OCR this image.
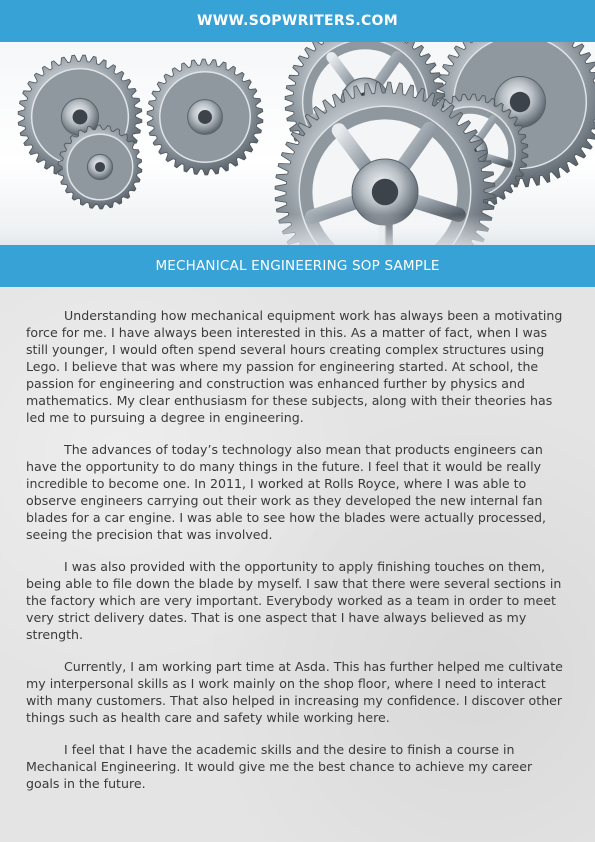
WWW.SOPWRITERS.COM
MECHANICAL ENGINEERING SOP SAMPLE

Understanding how mechanical equipment work has always been a motivating force for me. I have always been interested in this. As a matter of fact, when I was still younger, I would often spend several hours creating complex structures using Lego. I believe that was where my passion for engineering started. At school, the passion for engineering and construction was enhanced further by physics and mathematics. My clear enthusiasm for these subjects, along with their theories has led me to pursuing a degree in engineering.

The advances of today’s technology also mean that products engineers can have the opportunity to do many things in the future. I feel that it would be really incredible to become one. In 2011, I worked at Rolls Royce, where I was able to observe engineers carrying out their work as they developed the new internal fan blades for a car engine. I was able to see how the blades were actually processed, seeing the precision that was involved.

I was also provided with the opportunity to apply finishing touches on them, being able to file down the blade by myself. I saw that there were several sections in the factory which are very important. Everybody worked as a team in order to meet very strict delivery dates. That is one aspect that I have always believed as my strength.

Currently, I am working part time at Asda. This has further helped me cultivate my interpersonal skills as I work mainly on the shop floor, where I need to interact with many customers. That also helped in increasing my confidence. I discover other things such as health care and safety while working here.

I feel that I have the academic skills and the desire to finish a course in Mechanical Engineering. It would give me the best chance to achieve my career goals in the future.
